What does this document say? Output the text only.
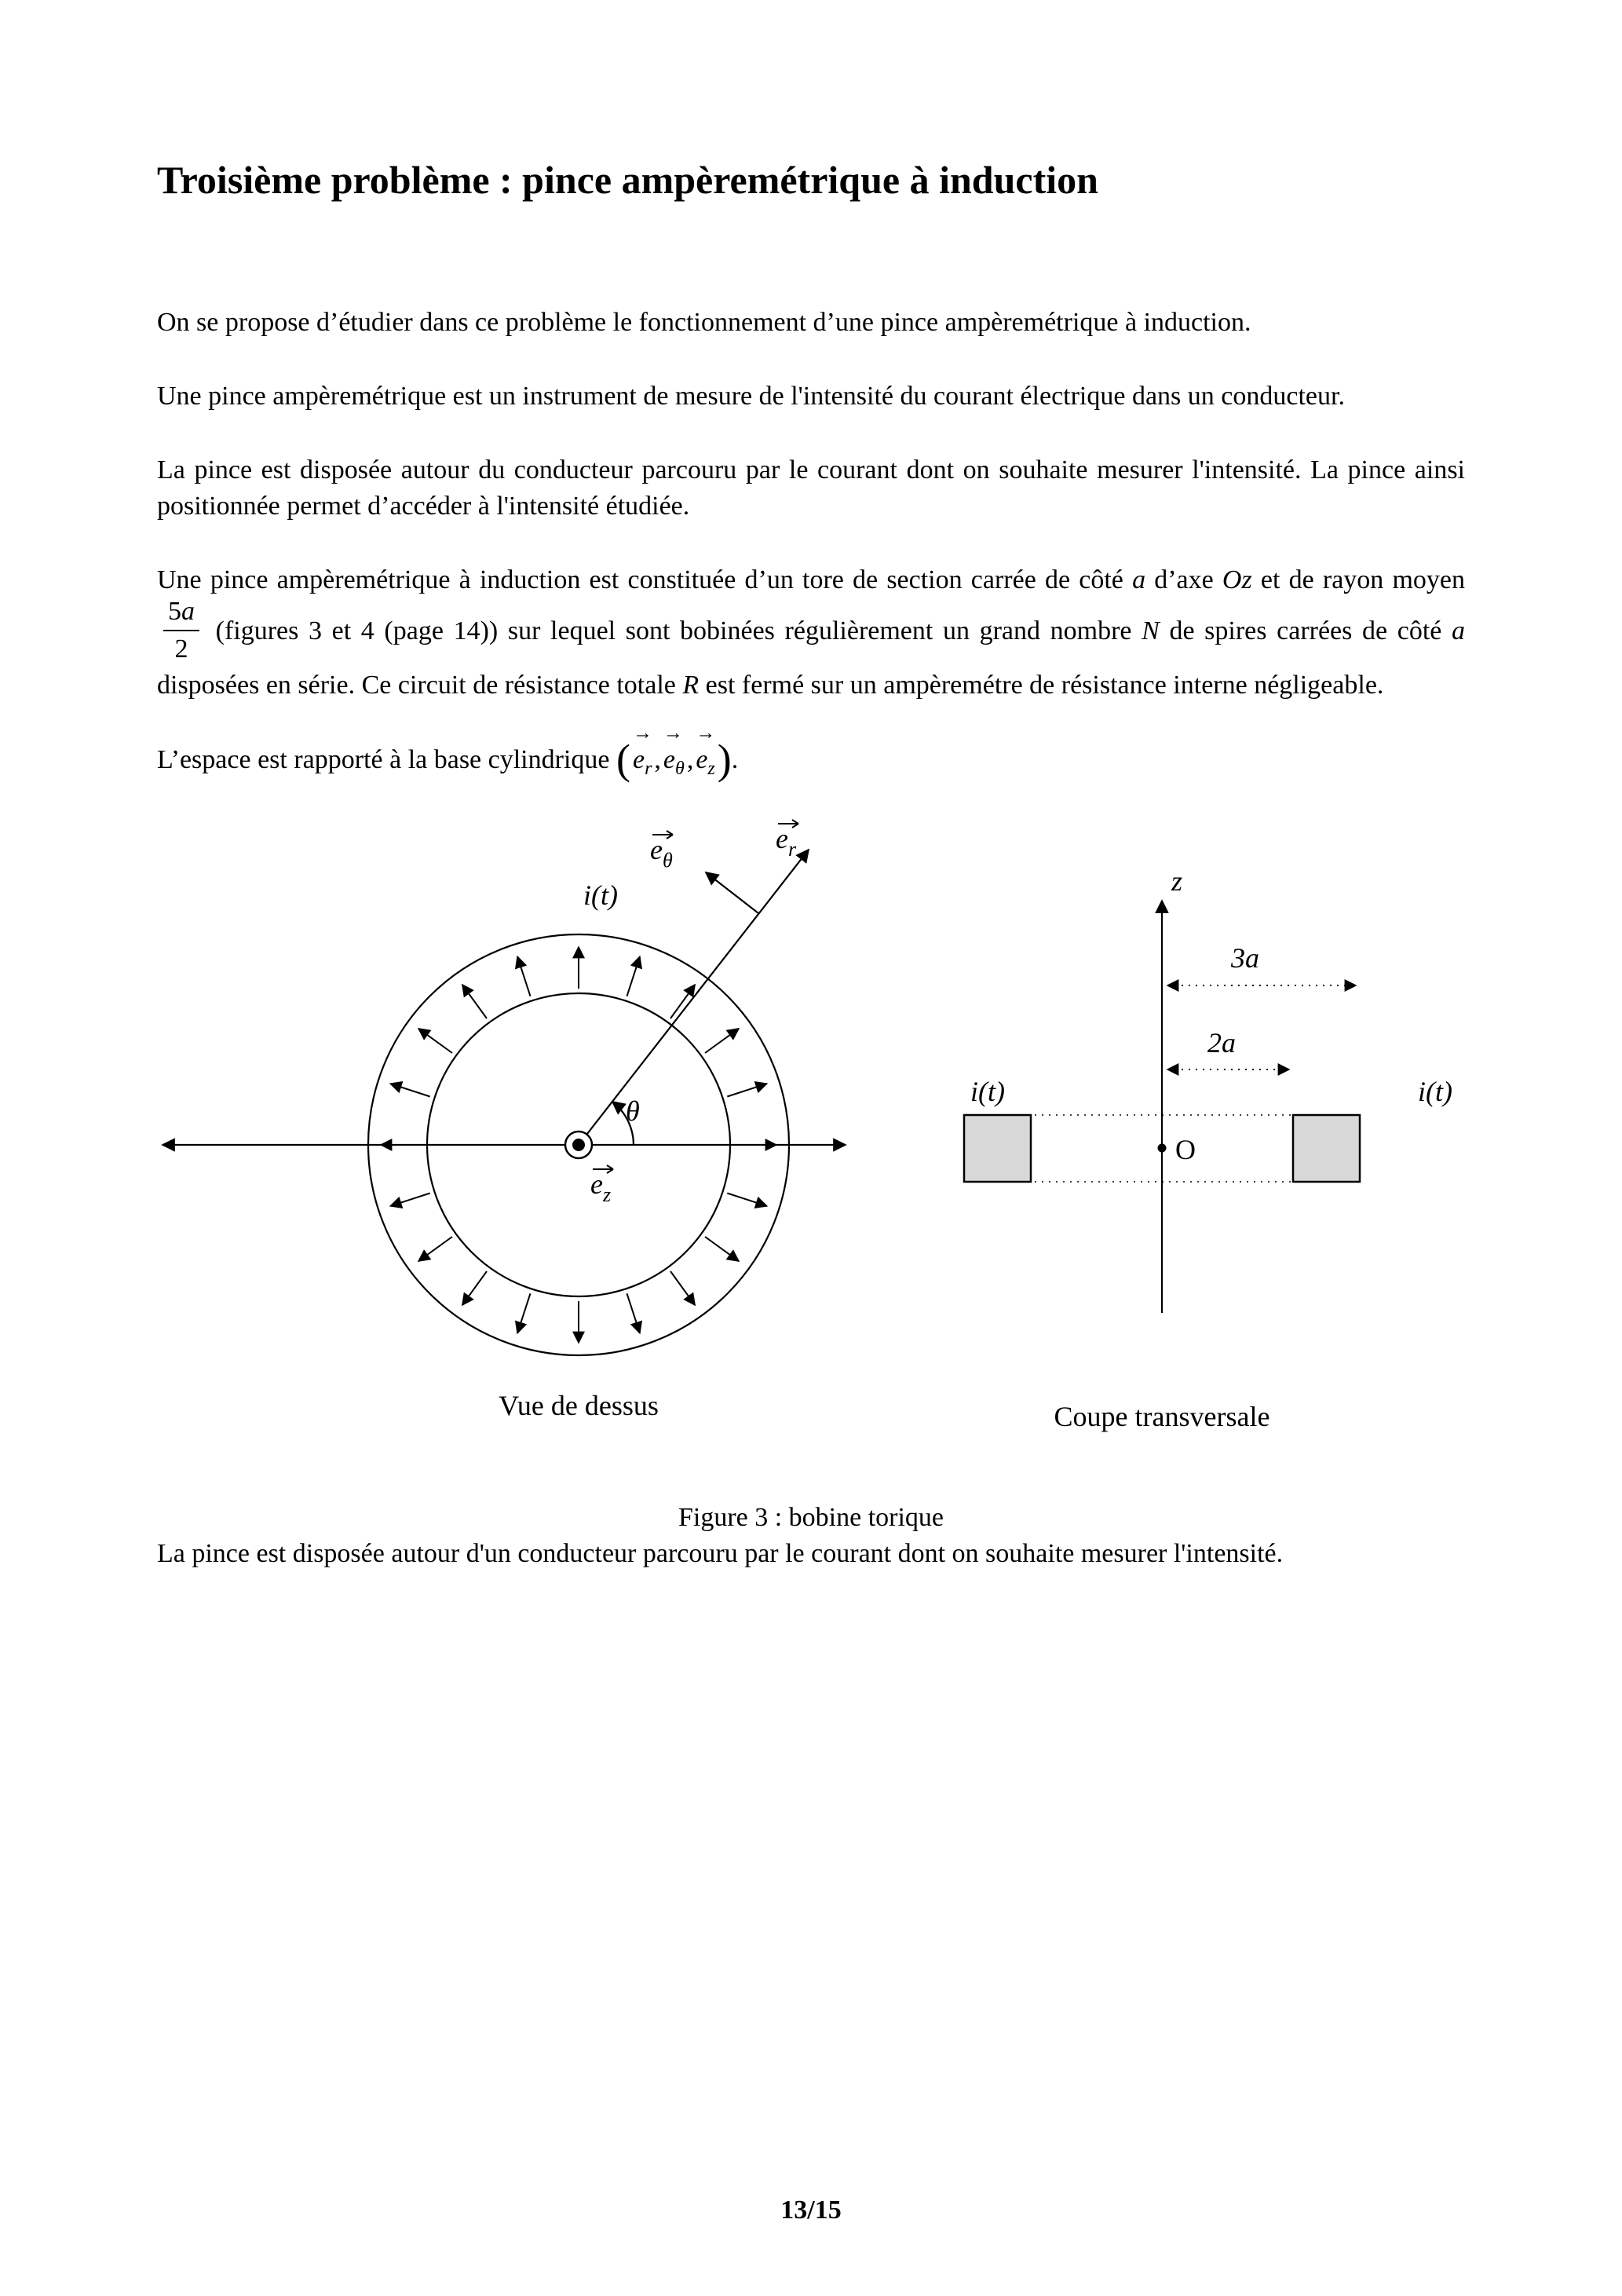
Troisième problème : pince ampèremétrique à induction

On se propose d’étudier dans ce problème le fonctionnement d’une pince ampèremétrique à induction.

Une pince ampèremétrique est un instrument de mesure de l'intensité du courant électrique dans un conducteur.

La pince est disposée autour du conducteur parcouru par le courant dont on souhaite mesurer l'intensité. La pince ainsi positionnée permet d’accéder à l'intensité étudiée.

Une pince ampèremétrique à induction est constituée d’un tore de section carrée de côté a d’axe Oz et de rayon moyen
$\frac{5a}{2}$ (figures 3 et 4 (page 14)) sur lequel sont bobinées régulièrement un grand nombre N de spires carrées de côté a disposées en série. Ce circuit de résistance totale R est fermé sur un ampèremétre de résistance interne négligeable.

L’espace est rapporté à la base cylindrique (
→
$e_r$,
→
$e_\theta$,
→
$e_z$).

i(t)
θ
$e_\theta$
$e_r$
$e_z$
Vue de dessus
z
3a
2a
i(t)	i(t)
O
Coupe transversale
Figure 3 : bobine torique

La pince est disposée autour d'un conducteur parcouru par le courant dont on souhaite mesurer l'intensité.

13/15
